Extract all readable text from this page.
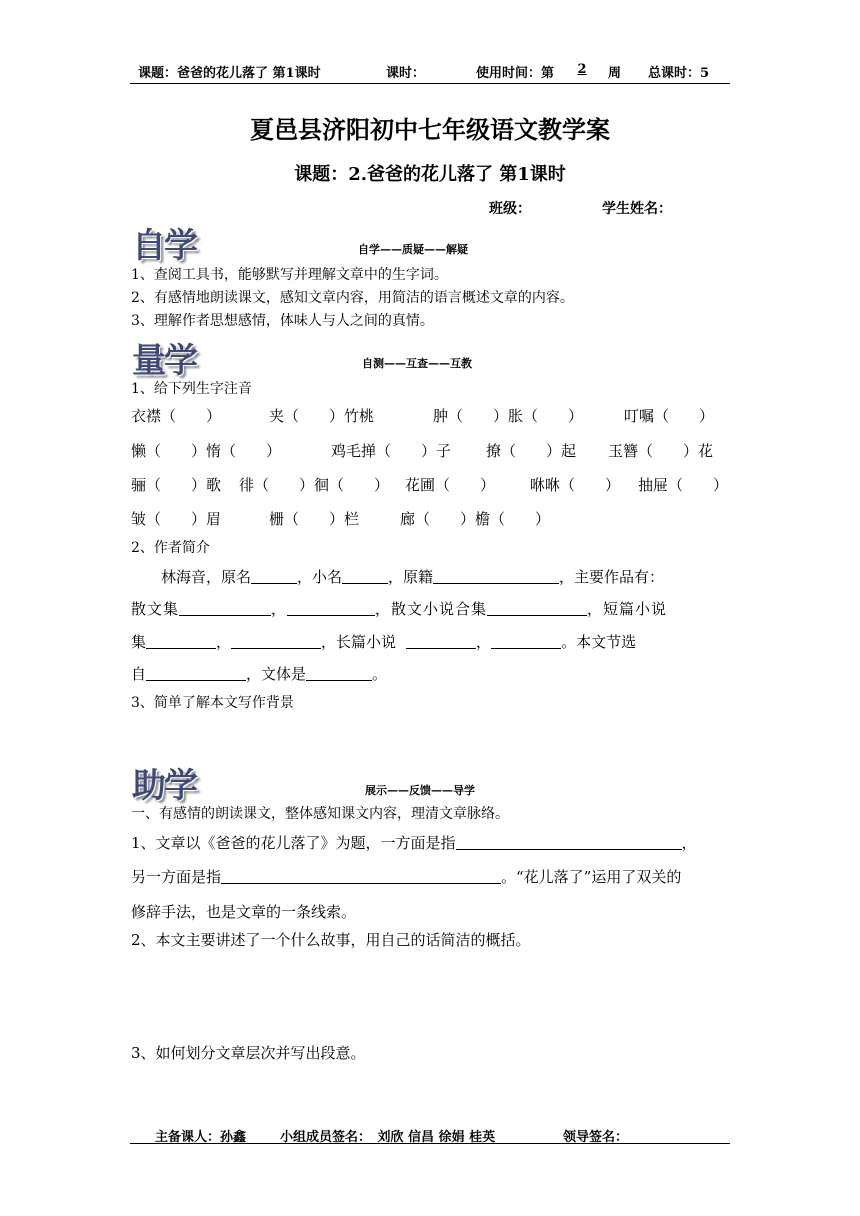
课题：爸爸的花儿落了 第1课时	课时：	使用时间：第	2	周 总课时：5
夏邑县济阳初中七年级语文教学案
课题：2.爸爸的花儿落了 第1课时
班级：	学生姓名：
自学	自学——质疑——解疑
1、查阅工具书，能够默写并理解文章中的生字词。
2、有感情地朗读课文，感知文章内容，用简洁的语言概述文章的内容。
3、理解作者思想感情，体味人与人之间的真情。
量学	自测——互查——互教
1、给下列生字注音
衣襟（　　）	夹（　　）竹桃	肿（　　）胀（　　）	叮嘱（　　）
懒（　　）惰（　　）	鸡毛掸（　　）子 撩（　　）起 玉簪（　　）花
骊（　　）歌 徘（　　）徊（　　） 花圃（　　） 咻咻（　　） 抽屉（　　）
皱（　　）眉	栅（　　）栏	廊（　　）檐（　　）
2、作者简介
林海音，原名	，小名	，原籍	，主要作品有：
散文集	，	，散文小说合集	，短篇小说
集	，	，长篇小说	，	。本文节选
自	，文体是	。
3、简单了解本文写作背景
助学	展示——反馈——导学
一、有感情的朗读课文，整体感知课文内容，理清文章脉络。
1、文章以《爸爸的花儿落了》为题，一方面是指	，
另一方面是指	。“花儿落了”运用了双关的
修辞手法，也是文章的一条线索。
2、本文主要讲述了一个什么故事，用自己的话简洁的概括。
3、如何划分文章层次并写出段意。
主备课人：孙鑫	小组成员签名：　刘欣 信昌 徐娟 桂英	领导签名：
